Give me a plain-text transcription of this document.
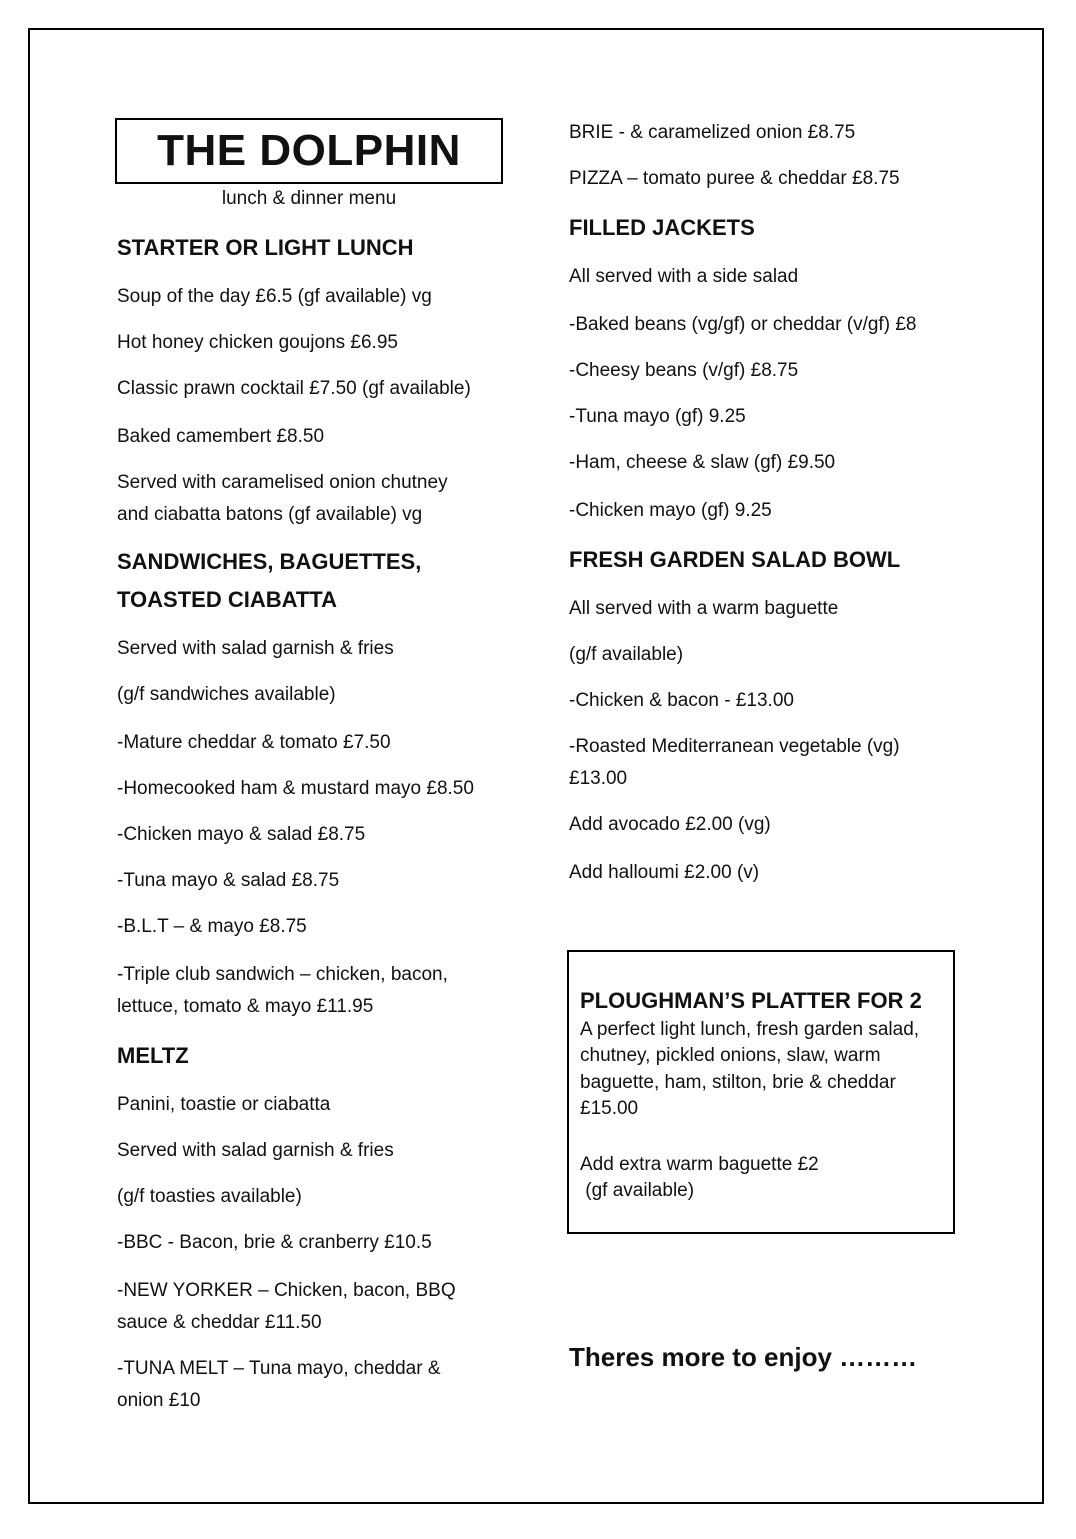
THE DOLPHIN
lunch & dinner menu
STARTER OR LIGHT LUNCH
Soup of the day £6.5 (gf available) vg
Hot honey chicken goujons £6.95
Classic prawn cocktail £7.50 (gf available)
Baked camembert £8.50
Served with caramelised onion chutney
and ciabatta batons (gf available) vg
SANDWICHES, BAGUETTES,
TOASTED CIABATTA
Served with salad garnish & fries
(g/f sandwiches available)
-Mature cheddar & tomato £7.50
-Homecooked ham & mustard mayo £8.50
-Chicken mayo & salad £8.75
-Tuna mayo & salad £8.75
-B.L.T – & mayo £8.75
-Triple club sandwich – chicken, bacon,
lettuce, tomato & mayo £11.95
MELTZ
Panini, toastie or ciabatta
Served with salad garnish & fries
(g/f toasties available)
-BBC - Bacon, brie & cranberry £10.5
-NEW YORKER – Chicken, bacon, BBQ
sauce & cheddar £11.50
-TUNA MELT – Tuna mayo, cheddar &
onion £10
BRIE - & caramelized onion £8.75
PIZZA – tomato puree & cheddar £8.75
FILLED JACKETS
All served with a side salad
-Baked beans (vg/gf) or cheddar (v/gf) £8
-Cheesy beans (v/gf) £8.75
-Tuna mayo (gf) 9.25
-Ham, cheese & slaw (gf) £9.50
-Chicken mayo (gf) 9.25
FRESH GARDEN SALAD BOWL
All served with a warm baguette
(g/f available)
-Chicken & bacon - £13.00
-Roasted Mediterranean vegetable (vg)
£13.00
Add avocado £2.00 (vg)
Add halloumi £2.00 (v)
PLOUGHMAN’S PLATTER FOR 2
A perfect light lunch, fresh garden salad,
chutney, pickled onions, slaw, warm
baguette, ham, stilton, brie & cheddar
£15.00
Add extra warm baguette £2
(gf available)
Theres more to enjoy ………
